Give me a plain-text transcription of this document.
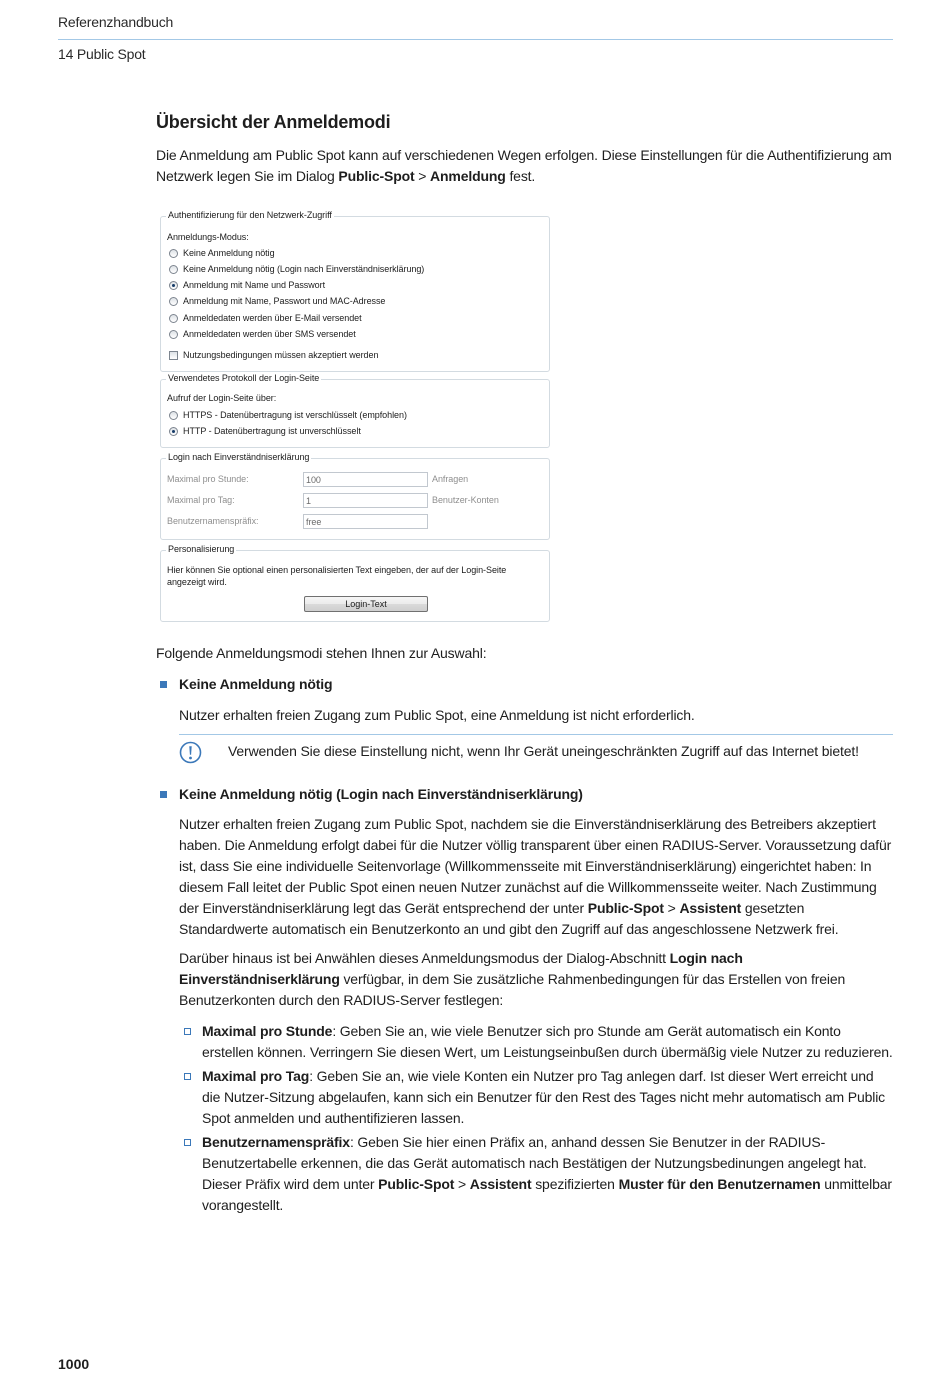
Referenzhandbuch
14 Public Spot
Übersicht der Anmeldemodi

Die Anmeldung am Public Spot kann auf verschiedenen Wegen erfolgen. Diese Einstellungen für die Authentifizierung am Netzwerk legen Sie im Dialog Public-Spot > Anmeldung fest.

Authentifizierung für den Netzwerk-Zugriff
Anmeldungs-Modus:
Keine Anmeldung nötig
Keine Anmeldung nötig (Login nach Einverständniserklärung)
Anmeldung mit Name und Passwort
Anmeldung mit Name, Passwort und MAC-Adresse
Anmeldedaten werden über E-Mail versendet
Anmeldedaten werden über SMS versendet
Nutzungsbedingungen müssen akzeptiert werden
Verwendetes Protokoll der Login-Seite
Aufruf der Login-Seite über:
HTTPS - Datenübertragung ist verschlüsselt (empfohlen)
HTTP - Datenübertragung ist unverschlüsselt
Login nach Einverständniserklärung
Maximal pro Stunde:
100	Anfragen
Maximal pro Tag:
1	Benutzer-Konten
Benutzernamenspräfix:
free
Personalisierung
Hier können Sie optional einen personalisierten Text eingeben, der auf der Login-Seite angezeigt wird.
Login-Text

Folgende Anmeldungsmodi stehen Ihnen zur Auswahl:

Keine Anmeldung nötig

Nutzer erhalten freien Zugang zum Public Spot, eine Anmeldung ist nicht erforderlich.

Verwenden Sie diese Einstellung nicht, wenn Ihr Gerät uneingeschränkten Zugriff auf das Internet bietet!
Keine Anmeldung nötig (Login nach Einverständniserklärung)

Nutzer erhalten freien Zugang zum Public Spot, nachdem sie die Einverständniserklärung des Betreibers akzeptiert haben. Die Anmeldung erfolgt dabei für die Nutzer völlig transparent über einen RADIUS-Server. Voraussetzung dafür ist, dass Sie eine individuelle Seitenvorlage (Willkommensseite mit Einverständniserklärung) eingerichtet haben: In diesem Fall leitet der Public Spot einen neuen Nutzer zunächst auf die Willkommensseite weiter. Nach Zustimmung der Einverständniserklärung legt das Gerät entsprechend der unter Public-Spot > Assistent gesetzten Standardwerte automatisch ein Benutzerkonto an und gibt den Zugriff auf das angeschlossene Netzwerk frei.

Darüber hinaus ist bei Anwählen dieses Anmeldungsmodus der Dialog-Abschnitt Login nach Einverständniserklärung verfügbar, in dem Sie zusätzliche Rahmenbedingungen für das Erstellen von freien Benutzerkonten durch den RADIUS-Server festlegen:

Maximal pro Stunde: Geben Sie an, wie viele Benutzer sich pro Stunde am Gerät automatisch ein Konto erstellen können. Verringern Sie diesen Wert, um Leistungseinbußen durch übermäßig viele Nutzer zu reduzieren.
Maximal pro Tag: Geben Sie an, wie viele Konten ein Nutzer pro Tag anlegen darf. Ist dieser Wert erreicht und die Nutzer-Sitzung abgelaufen, kann sich ein Benutzer für den Rest des Tages nicht mehr automatisch am Public Spot anmelden und authentifizieren lassen.
Benutzernamenspräfix: Geben Sie hier einen Präfix an, anhand dessen Sie Benutzer in der RADIUS-Benutzertabelle erkennen, die das Gerät automatisch nach Bestätigen der Nutzungsbedinungen angelegt hat. Dieser Präfix wird dem unter Public-Spot > Assistent spezifizierten Muster für den Benutzernamen unmittelbar vorangestellt.
1000
